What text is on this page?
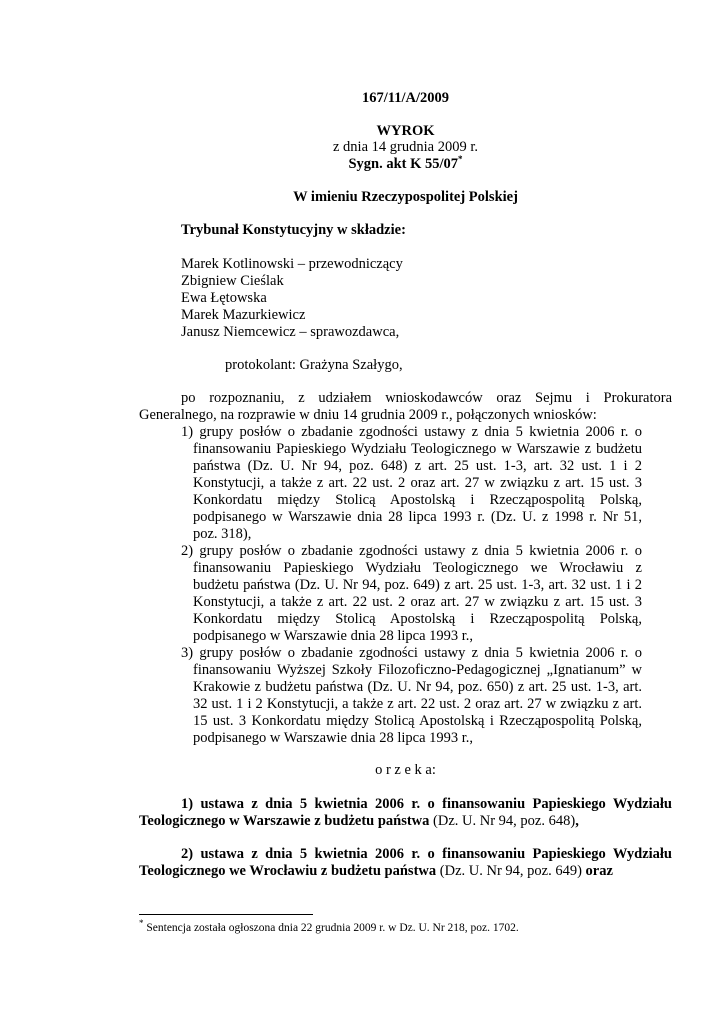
167/11/A/2009
WYROK
z dnia 14 grudnia 2009 r.
Sygn. akt K 55/07*
W imieniu Rzeczypospolitej Polskiej
Trybunał Konstytucyjny w składzie:
Marek Kotlinowski – przewodniczący
Zbigniew Cieślak
Ewa Łętowska
Marek Mazurkiewicz
Janusz Niemcewicz – sprawozdawca,
protokolant: Grażyna Szałygo,
po rozpoznaniu, z udziałem wnioskodawców oraz Sejmu i Prokuratora
Generalnego, na rozprawie w dniu 14 grudnia 2009 r., połączonych wniosków:
1) grupy posłów o zbadanie zgodności ustawy z dnia 5 kwietnia 2006 r. o
finansowaniu Papieskiego Wydziału Teologicznego w Warszawie z budżetu
państwa (Dz. U. Nr 94, poz. 648) z art. 25 ust. 1-3, art. 32 ust. 1 i 2
Konstytucji, a także z art. 22 ust. 2 oraz art. 27 w związku z art. 15 ust. 3
Konkordatu między Stolicą Apostolską i Rzecząpospolitą Polską,
podpisanego w Warszawie dnia 28 lipca 1993 r. (Dz. U. z 1998 r. Nr 51,
poz. 318),
2) grupy posłów o zbadanie zgodności ustawy z dnia 5 kwietnia 2006 r. o
finansowaniu Papieskiego Wydziału Teologicznego we Wrocławiu z
budżetu państwa (Dz. U. Nr 94, poz. 649) z art. 25 ust. 1-3, art. 32 ust. 1 i 2
Konstytucji, a także z art. 22 ust. 2 oraz art. 27 w związku z art. 15 ust. 3
Konkordatu między Stolicą Apostolską i Rzecząpospolitą Polską,
podpisanego w Warszawie dnia 28 lipca 1993 r.,
3) grupy posłów o zbadanie zgodności ustawy z dnia 5 kwietnia 2006 r. o
finansowaniu Wyższej Szkoły Filozoficzno-Pedagogicznej „Ignatianum” w
Krakowie z budżetu państwa (Dz. U. Nr 94, poz. 650) z art. 25 ust. 1-3, art.
32 ust. 1 i 2 Konstytucji, a także z art. 22 ust. 2 oraz art. 27 w związku z art.
15 ust. 3 Konkordatu między Stolicą Apostolską i Rzecząpospolitą Polską,
podpisanego w Warszawie dnia 28 lipca 1993 r.,
o r z e k a:
1) ustawa z dnia 5 kwietnia 2006 r. o finansowaniu Papieskiego Wydziału
Teologicznego w Warszawie z budżetu państwa (Dz. U. Nr 94, poz. 648),
2) ustawa z dnia 5 kwietnia 2006 r. o finansowaniu Papieskiego Wydziału
Teologicznego we Wrocławiu z budżetu państwa (Dz. U. Nr 94, poz. 649) oraz
* Sentencja została ogłoszona dnia 22 grudnia 2009 r. w Dz. U. Nr 218, poz. 1702.
